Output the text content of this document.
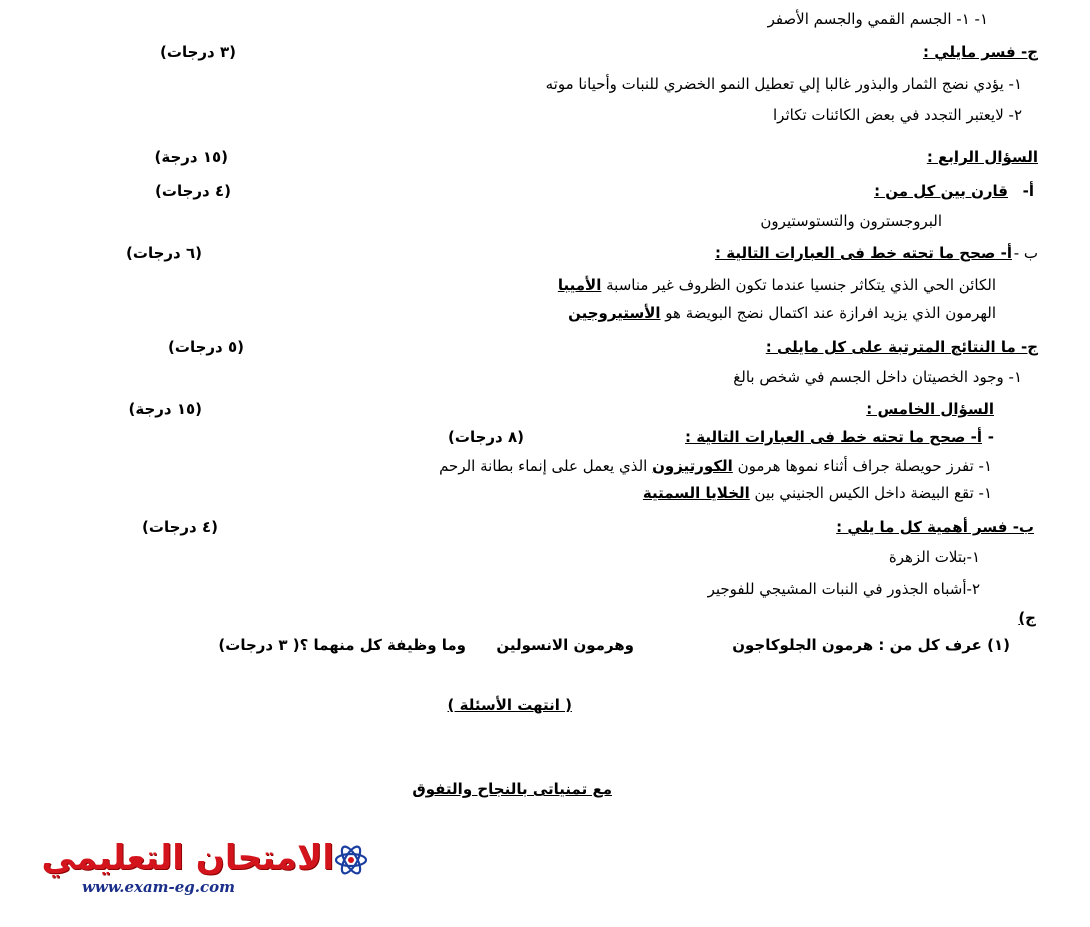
١- ١- الجسم القمي والجسم الأصفر
ج- فسر مايلي :
(٣ درجات)
١- يؤدي نضج الثمار والبذور غالبا إلي تعطيل النمو الخضري للنبات وأحيانا موته
٢- لايعتبر التجدد في بعض الكائنات تكاثرا
السؤال الرابع :
(١٥ درجة)
أ-
قارن بين كل من :
(٤ درجات)
البروجسترون والتستوستيرون
ب -
أ- صحح ما تحته خط فى العبارات التالية :
(٦ درجات)
الكائن الحي الذي يتكاثر جنسيا عندما تكون الظروف غير مناسبة الأميبا
الهرمون الذي يزيد افرازة عند اكتمال نضج البويضة هو الأستيروجين
ج- ما النتائج المترتبة على كل مايلى :
(٥ درجات)
١- وجود الخصيتان داخل الجسم في شخص بالغ
السؤال الخامس :
(١٥ درجة)
-
أ- صحح ما تحته خط فى العبارات التالية :
(٨ درجات)
١- تفرز حويصلة جراف أثناء نموها هرمون الكورتيزون الذي يعمل على إنماء بطانة الرحم
١- تقع البيضة داخل الكيس الجنيني بين الخلايا السمتية
ب- فسر أهمية كل ما يلي :
(٤ درجات)
١-بتلات الزهرة
٢-أشباه الجذور في النبات المشيجي للفوجير
ج)
(١) عرف كل من : هرمون الجلوكاجون
وهرمون الانسولين
وما وظيفة كل منهما ؟( ٣ درجات)
( انتهت الأسئلة )
مع تمنياتى بالنجاح والتفوق
الامتحان التعليمي
www.exam-eg.com
